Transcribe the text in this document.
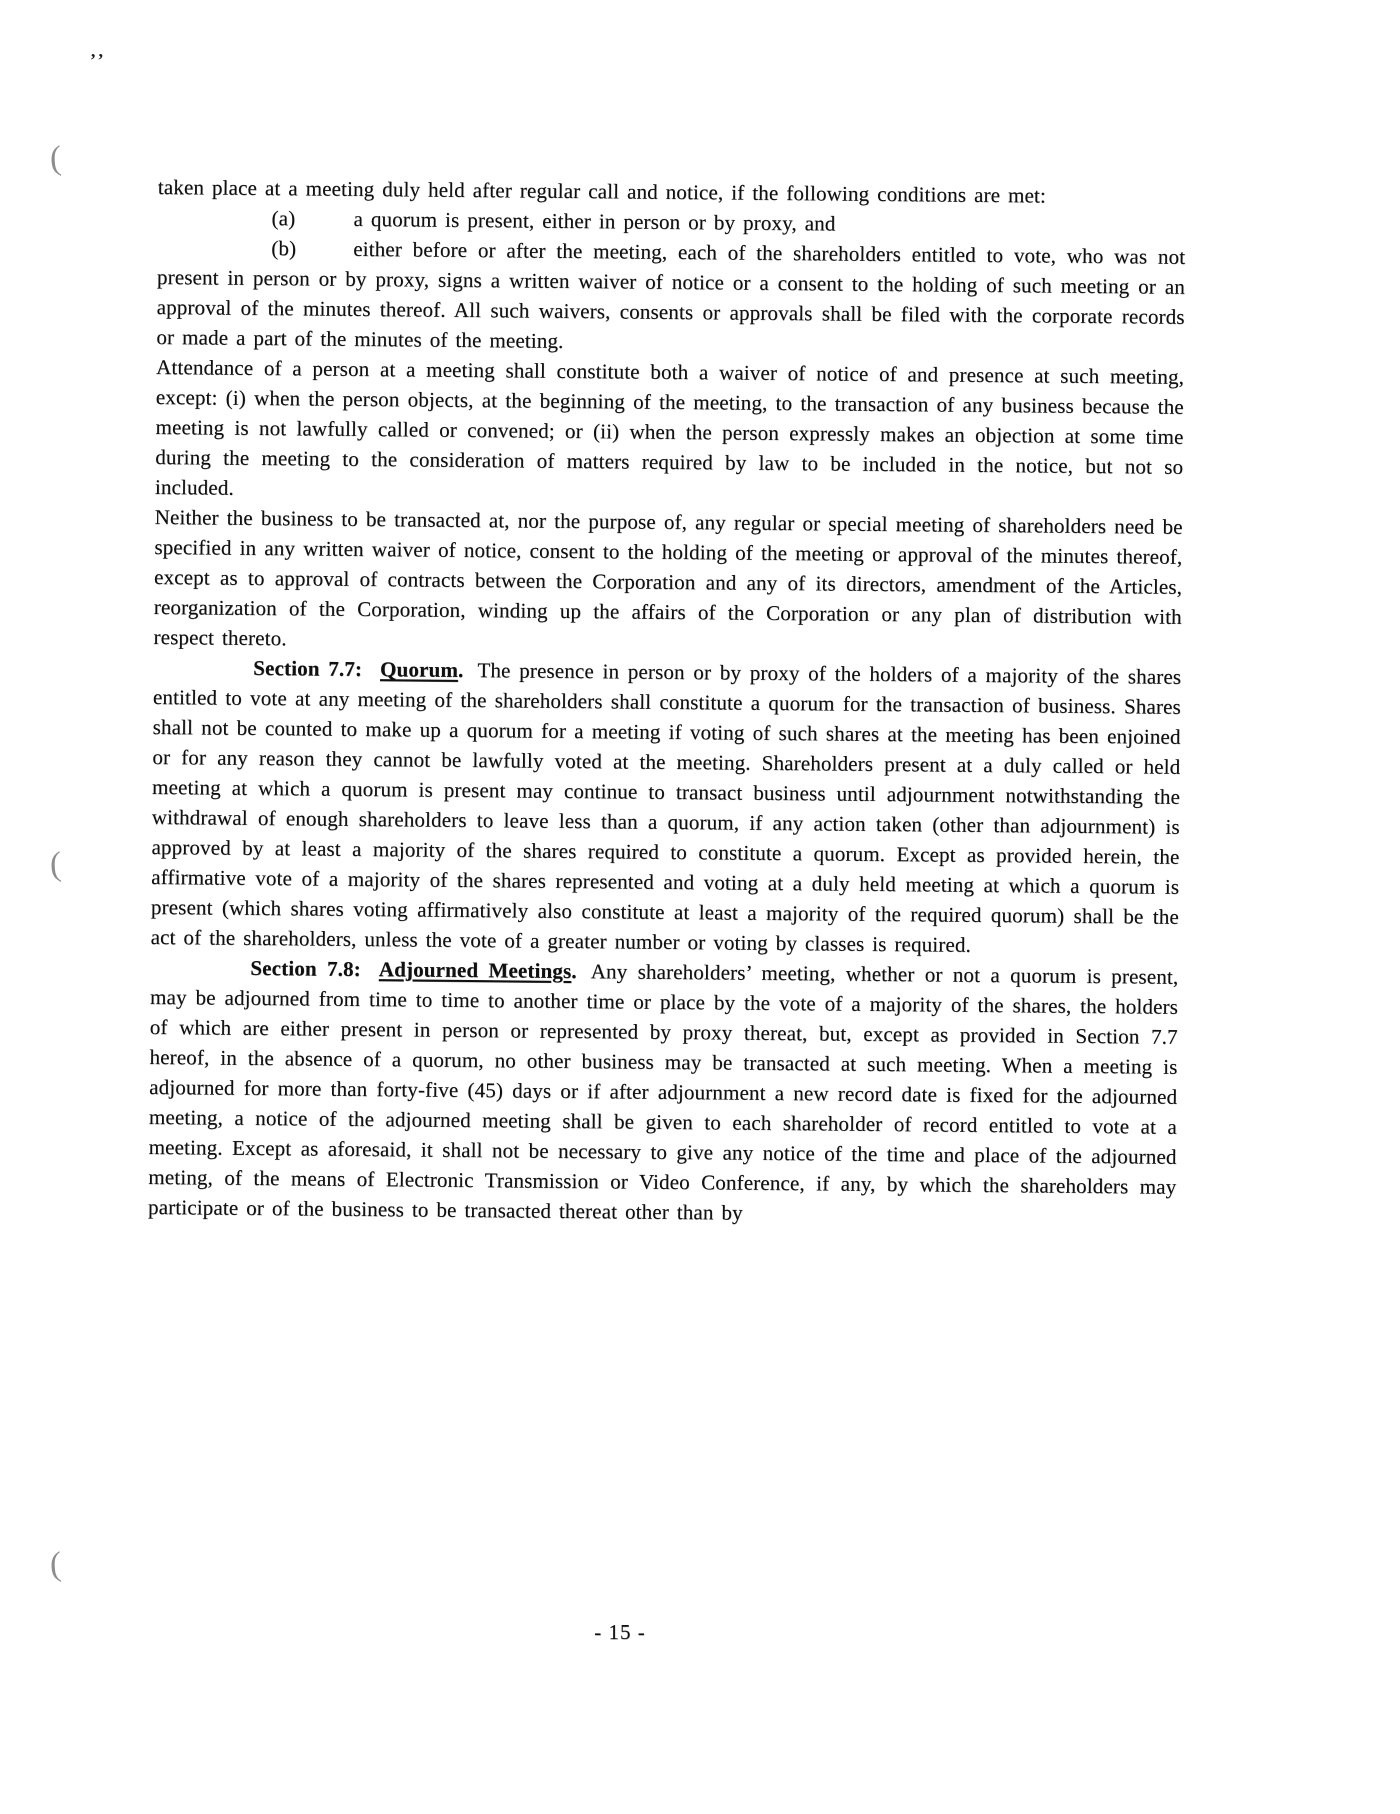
’’
(
(
(

taken place at a meeting duly held after regular call and notice, if the following conditions are met:

(a)	a quorum is present, either in person or by proxy, and

(b)	either before or after the meeting, each of the shareholders entitled to vote, who was not present in person or by proxy, signs a written waiver of notice or a consent to the holding of such meeting or an approval of the minutes thereof. All such waivers, consents or approvals shall be filed with the corporate records or made a part of the minutes of the meeting.

Attendance of a person at a meeting shall constitute both a waiver of notice of and presence at such meeting, except: (i) when the person objects, at the beginning of the meeting, to the transaction of any business because the meeting is not lawfully called or convened; or (ii) when the person expressly makes an objection at some time during the meeting to the consideration of matters required by law to be included in the notice, but not so included.

Neither the business to be transacted at, nor the purpose of, any regular or special meeting of shareholders need be specified in any written waiver of notice, consent to the holding of the meeting or approval of the minutes thereof, except as to approval of contracts between the Corporation and any of its directors, amendment of the Articles, reorganization of the Corporation, winding up the affairs of the Corporation or any plan of distribution with respect thereto.

Section 7.7: Quorum. The presence in person or by proxy of the holders of a majority of the shares entitled to vote at any meeting of the shareholders shall constitute a quorum for the transaction of business. Shares shall not be counted to make up a quorum for a meeting if voting of such shares at the meeting has been enjoined or for any reason they cannot be lawfully voted at the meeting. Shareholders present at a duly called or held meeting at which a quorum is present may continue to transact business until adjournment notwithstanding the withdrawal of enough shareholders to leave less than a quorum, if any action taken (other than adjournment) is approved by at least a majority of the shares required to constitute a quorum. Except as provided herein, the affirmative vote of a majority of the shares represented and voting at a duly held meeting at which a quorum is present (which shares voting affirmatively also constitute at least a majority of the required quorum) shall be the act of the shareholders, unless the vote of a greater number or voting by classes is required.

Section 7.8: Adjourned Meetings. Any shareholders’ meeting, whether or not a quorum is present, may be adjourned from time to time to another time or place by the vote of a majority of the shares, the holders of which are either present in person or represented by proxy thereat, but, except as provided in Section 7.7 hereof, in the absence of a quorum, no other business may be transacted at such meeting. When a meeting is adjourned for more than forty-five (45) days or if after adjournment a new record date is fixed for the adjourned meeting, a notice of the adjourned meeting shall be given to each shareholder of record entitled to vote at a meeting. Except as aforesaid, it shall not be necessary to give any notice of the time and place of the adjourned meting, of the means of Electronic Transmission or Video Conference, if any, by which the shareholders may participate or of the business to be transacted thereat other than by

- 15 -
